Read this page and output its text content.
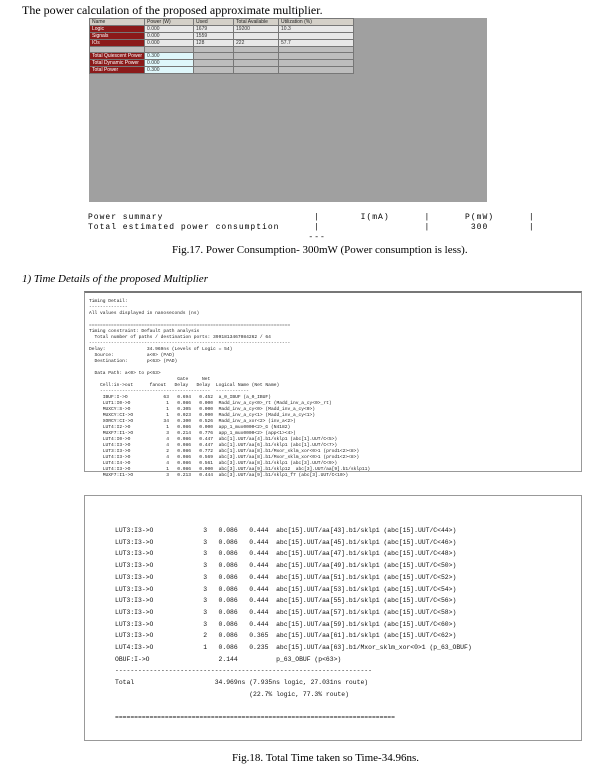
The power calculation of the proposed approximate multiplier.
Name	Power (W)	Used	Total Available	Utilization (%)
Logic	0.000	1679	19200	10.3
Signals	0.000	1559		
IOs	0.000	128	222	57.7

Total Quiescent Power	0.300			
Total Dynamic Power	0.000			
Total Power	0.300			

Power summary                          |       I(mA)      |      P(mW)      |
Total estimated power consumption      |                  |       300       |
---

Fig.17. Power Consumption- 300mW (Power consumption is less).
1) Time Details of the proposed Multiplier
Timing Detail:
--------------
All values displayed in nanoseconds (ns)

=========================================================================
Timing constraint: Default path analysis
Total number of paths / destination ports: 3991813467084262 / 64
-------------------------------------------------------------------------
Delay:               34.969ns (Levels of Logic = 54)
Source:            a<0> (PAD)
Destination:       p<63> (PAD)

Data Path: a<0> to p<63>
Gate     Net
Cell:in->out      fanout   Delay   Delay  Logical Name (Net Name)
----------------------------------------  ------------
IBUF:I->O             63   0.694   0.452  a_0_IBUF (a_0_IBUF)
LUT1:I0->O             1   0.086   0.000  Madd_inv_a_cy<0>_rt (Madd_inv_a_cy<0>_rt)
MUXCY:S->O             1   0.305   0.000  Madd_inv_a_cy<0> (Madd_inv_a_cy<0>)
MUXCY:CI->O            1   0.023   0.000  Madd_inv_a_cy<1> (Madd_inv_a_cy<1>)
XORCY:CI->O           34   0.300   0.526  Madd_inv_a_xor<2> (inv_a<2>)
LUT4:I2->O             1   0.086   0.000  app_1_mux0000<2>_G (N4182)
MUXF7:I1->O            3   0.214   0.776  app_1_mux0000<2> (app<1><4>)
LUT4:I0->O             4   0.086   0.447  abc[1].UUT/aa[4].b1/sklp1 (abc[1].UUT/C<5>)
LUT4:I3->O             4   0.086   0.447  abc[1].UUT/aa[6].b1/sklp1 (abc[1].UUT/C<7>)
LUT3:I3->O             2   0.086   0.772  abc[1].UUT/aa[8].b1/Mxor_sklm_xor<0>1 (prod1<2><8>)
LUT4:I3->O             4   0.086   0.569  abc[3].UUT/aa[8].b1/Mxor_sklm_xor<0>1 (prod1<2><8>)
LUT4:I4->O             4   0.086   0.561  abc[3].UUT/aa[8].b1/sklp1 (abc[3].UUT/C<9>)
LUT4:I3->O             1   0.086   0.000  abc[3].UUT/aa[9].b1/sklp12  abc[3].UUT/aa[9].b1/sklp11)
MUXF7:I1->O            3   0.213   0.444  abc[3].UUT/aa[9].b1/sklp1_f7 (abc[3].UUT/C<10>)
LUT3:I3->O             3   0.086   0.444  abc[15].UUT/aa[43].b1/sklp1 (abc[15].UUT/C<44>)
LUT3:I3->O             3   0.086   0.444  abc[15].UUT/aa[45].b1/sklp1 (abc[15].UUT/C<46>)
LUT3:I3->O             3   0.086   0.444  abc[15].UUT/aa[47].b1/sklp1 (abc[15].UUT/C<48>)
LUT3:I3->O             3   0.086   0.444  abc[15].UUT/aa[49].b1/sklp1 (abc[15].UUT/C<50>)
LUT3:I3->O             3   0.086   0.444  abc[15].UUT/aa[51].b1/sklp1 (abc[15].UUT/C<52>)
LUT3:I3->O             3   0.086   0.444  abc[15].UUT/aa[53].b1/sklp1 (abc[15].UUT/C<54>)
LUT3:I3->O             3   0.086   0.444  abc[15].UUT/aa[55].b1/sklp1 (abc[15].UUT/C<56>)
LUT3:I3->O             3   0.086   0.444  abc[15].UUT/aa[57].b1/sklp1 (abc[15].UUT/C<58>)
LUT3:I3->O             3   0.086   0.444  abc[15].UUT/aa[59].b1/sklp1 (abc[15].UUT/C<60>)
LUT3:I3->O             2   0.086   0.365  abc[15].UUT/aa[61].b1/sklp1 (abc[15].UUT/C<62>)
LUT4:I3->O             1   0.086   0.235  abc[15].UUT/aa[63].b1/Mxor_sklm_xor<0>1 (p_63_OBUF)
OBUF:I->O                  2.144          p_63_OBUF (p<63>)
-------------------------------------------------------------------
Total                     34.969ns (7.935ns logic, 27.031ns route)
(22.7% logic, 77.3% route)

=========================================================================
Fig.18. Total Time taken so Time-34.96ns.
